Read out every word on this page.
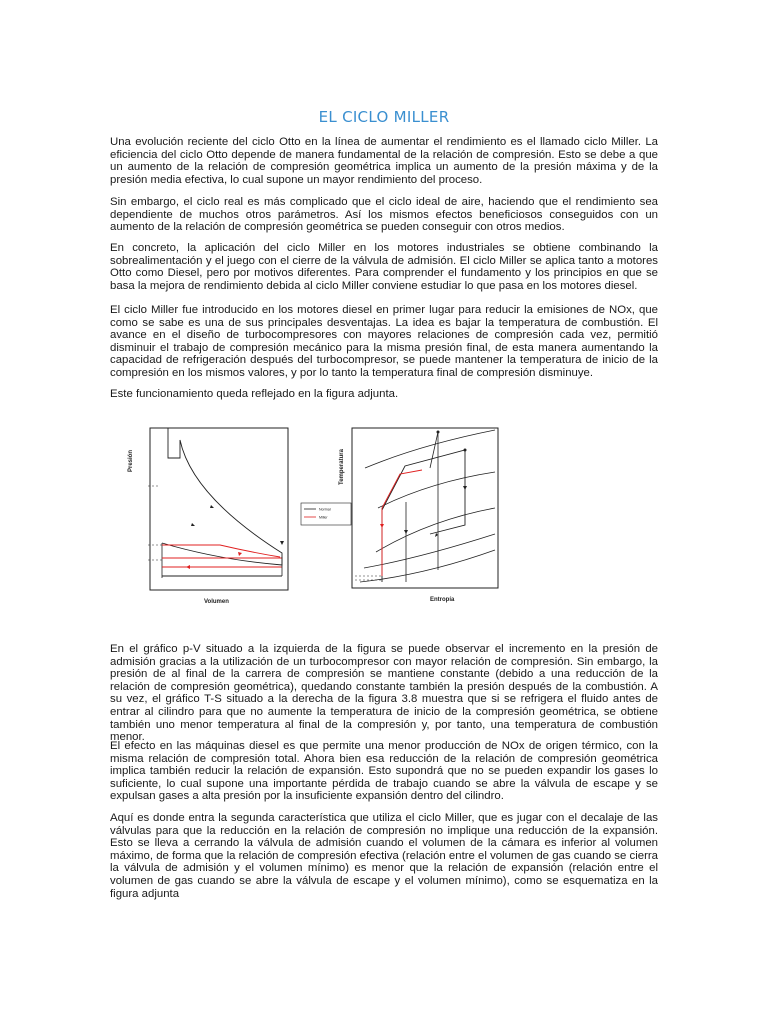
EL CICLO MILLER

Una evolución reciente del ciclo Otto en la línea de aumentar el rendimiento es el llamado ciclo Miller. La eficiencia del ciclo Otto depende de manera fundamental de la relación de compresión. Esto se debe a que un aumento de la relación de compresión geométrica implica un aumento de la presión máxima y de la presión media efectiva, lo cual supone un mayor rendimiento del proceso.

Sin embargo, el ciclo real es más complicado que el ciclo ideal de aire, haciendo que el rendimiento sea dependiente de muchos otros parámetros. Así los mismos efectos beneficiosos conseguidos con un aumento de la relación de compresión geométrica se pueden conseguir con otros medios.

En concreto, la aplicación del ciclo Miller en los motores industriales se obtiene combinando la sobrealimentación y el juego con el cierre de la válvula de admisión. El ciclo Miller se aplica tanto a motores Otto como Diesel, pero por motivos diferentes. Para comprender el fundamento y los principios en que se basa la mejora de rendimiento debida al ciclo Miller conviene estudiar lo que pasa en los motores diesel.

El ciclo Miller fue introducido en los motores diesel en primer lugar para reducir la emisiones de NOx, que como se sabe es una de sus principales desventajas. La idea es bajar la temperatura de combustión. El avance en el diseño de turbocompresores con mayores relaciones de compresión cada vez, permitió disminuir el trabajo de compresión mecánico para la misma presión final, de esta manera aumentando la capacidad de refrigeración después del turbocompresor, se puede mantener la temperatura de inicio de la compresión en los mismos valores, y por lo tanto la temperatura final de compresión disminuye.

Este funcionamiento queda reflejado en la figura adjunta.

Presión
Volumen
Normal
Miller
Temperatura
Entropía

En el gráfico p-V situado a la izquierda de la figura se puede observar el incremento en la presión de admisión gracias a la utilización de un turbocompresor con mayor relación de compresión. Sin embargo, la presión de al final de la carrera de compresión se mantiene constante (debido a una reducción de la relación de compresión geométrica), quedando constante también la presión después de la combustión. A su vez, el gráfico T-S situado a la derecha de la figura 3.8 muestra que si se refrigera el fluido antes de entrar al cilindro para que no aumente la temperatura de inicio de la compresión geométrica, se obtiene también uno menor temperatura al final de la compresión y, por tanto, una temperatura de combustión menor.

El efecto en las máquinas diesel es que permite una menor producción de NOx de origen térmico, con la misma relación de compresión total. Ahora bien esa reducción de la relación de compresión geométrica implica también reducir la relación de expansión. Esto supondrá que no se pueden expandir los gases lo suficiente, lo cual supone una importante pérdida de trabajo cuando se abre la válvula de escape y se expulsan gases a alta presión por la insuficiente expansión dentro del cilindro.

Aquí es donde entra la segunda característica que utiliza el ciclo Miller, que es jugar con el decalaje de las válvulas para que la reducción en la relación de compresión no implique una reducción de la expansión. Esto se lleva a cerrando la válvula de admisión cuando el volumen de la cámara es inferior al volumen máximo, de forma que la relación de compresión efectiva (relación entre el volumen de gas cuando se cierra la válvula de admisión y el volumen mínimo) es menor que la relación de expansión (relación entre el volumen de gas cuando se abre la válvula de escape y el volumen mínimo), como se esquematiza en la figura adjunta
